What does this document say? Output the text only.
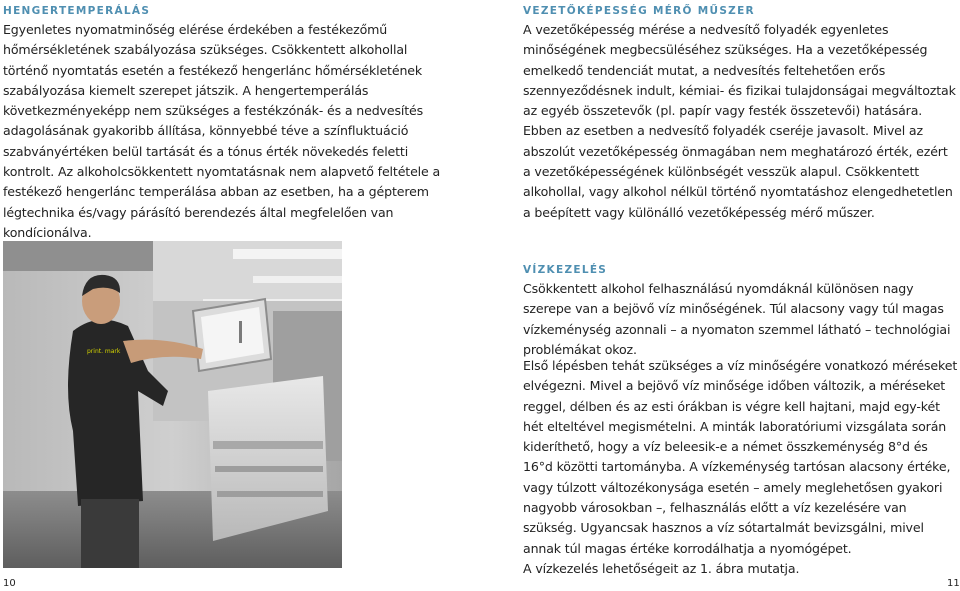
HENGERTEMPERÁLÁS

Egyenletes nyomatminőség elérése érdekében a festékezőmű hőmérsékletének szabályozása szükséges. Csökkentett alkohollal történő nyomtatás esetén a festékező hengerlánc hőmérsékletének szabályozása kiemelt szerepet játszik. A hengertemperálás következményeképp nem szükséges a festékzónák- és a nedvesítés adagolásának gyakoribb állítása, könnyebbé téve a színfluktuáció szabványértéken belül tartását és a tónus érték növekedés feletti kontrolt. Az alkoholcsökkentett nyomtatásnak nem alapvető feltétele a festékező hengerlánc temperálása abban az esetben, ha a gépterem légtechnika és/vagy párásító berendezés által megfelelően van kondícionálva.

VEZETŐKÉPESSÉG MÉRŐ MŰSZER

A vezetőképesség mérése a nedvesítő folyadék egyenletes minőségének megbecsüléséhez szükséges. Ha a vezetőképesség emelkedő tendenciát mutat, a nedvesítés feltehetően erős szennyeződésnek indult, kémiai- és fizikai tulajdonságai megváltoztak az egyéb összetevők (pl. papír vagy festék összetevői) hatására. Ebben az esetben a nedvesítő folyadék cseréje javasolt. Mivel az abszolút vezetőképesség önmagában nem meghatározó érték, ezért a vezetőképességének különbségét vesszük alapul. Csökkentett alkohollal, vagy alkohol nélkül történő nyomtatáshoz elengedhetetlen a beépített vagy különálló vezetőképesség mérő műszer.

VÍZKEZELÉS

Csökkentett alkohol felhasználású nyomdáknál különösen nagy szerepe van a bejövő víz minőségének. Túl alacsony vagy túl magas vízkeménység azonnali – a nyomaton szemmel látható – technológiai problémákat okoz.

Első lépésben tehát szükséges a víz minőségére vonatkozó méréseket elvégezni. Mivel a bejövő víz minősége időben változik, a méréseket reggel, délben és az esti órákban is végre kell hajtani, majd egy-két hét elteltével megismételni. A minták laboratóriumi vizsgálata során kideríthető, hogy a víz beleesik-e a német összkeménység 8°d és 16°d közötti tartományba. A vízkeménység tartósan alacsony értéke, vagy túlzott változékonysága esetén – amely meglehetősen gyakori nagyobb városokban –, felhasználás előtt a víz kezelésére van szükség. Ugyancsak hasznos a víz sótartalmát bevizsgálni, mivel annak túl magas értéke korrodálhatja a nyomógépet.

A vízkezelés lehetőségeit az 1. ábra mutatja.

print. mark
10	11
